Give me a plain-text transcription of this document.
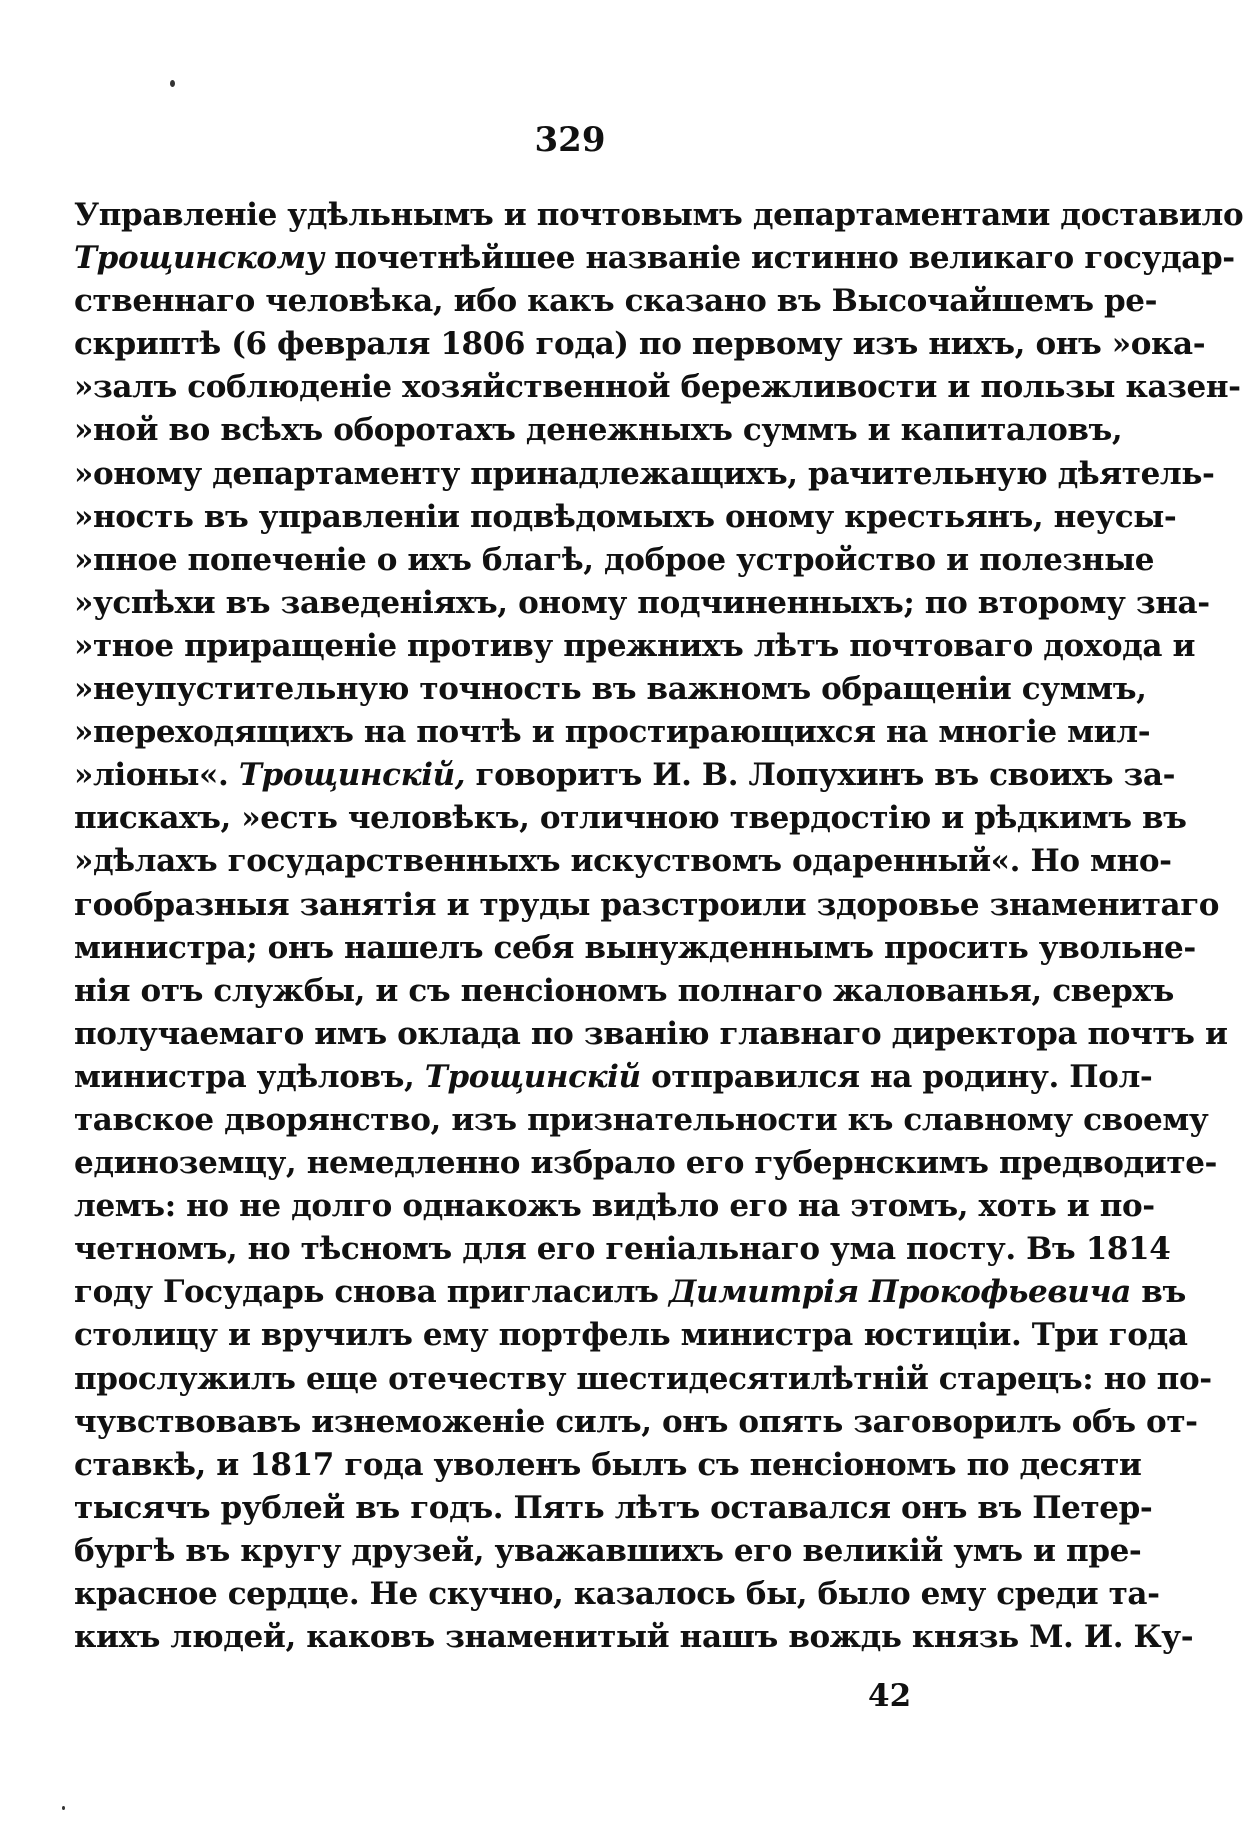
329
Управленіе удѣльнымъ и почтовымъ департаментами доставило
Трощинскому почетнѣйшее названіе истинно великаго государ-
ственнаго человѣка, ибо какъ сказано въ Высочайшемъ ре-
скриптѣ (6 февраля 1806 года) по первому изъ нихъ, онъ »ока-
»залъ соблюденіе хозяйственной бережливости и пользы казен-
»ной во всѣхъ оборотахъ денежныхъ суммъ и капиталовъ,
»оному департаменту принадлежащихъ, рачительную дѣятель-
»ность въ управленіи подвѣдомыхъ оному крестьянъ, неусы-
»пное попеченіе о ихъ благѣ, доброе устройство и полезные
»успѣхи въ заведеніяхъ, оному подчиненныхъ; по второму зна-
»тное приращеніе противу прежнихъ лѣтъ почтоваго дохода и
»неупустительную точность въ важномъ обращеніи суммъ,
»переходящихъ на почтѣ и простирающихся на многіе мил-
»ліоны«. Трощинскій, говоритъ И. В. Лопухинъ въ своихъ за-
пискахъ, »есть человѣкъ, отличною твердостію и рѣдкимъ въ
»дѣлахъ государственныхъ искуствомъ одаренный«. Но мно-
гообразныя занятія и труды разстроили здоровье знаменитаго
министра; онъ нашелъ себя вынужденнымъ просить увольне-
нія отъ службы, и съ пенсіономъ полнаго жалованья, сверхъ
получаемаго имъ оклада по званію главнаго директора почтъ и
министра удѣловъ, Трощинскій отправился на родину. Пол-
тавское дворянство, изъ признательности къ славному своему
единоземцу, немедленно избрало его губернскимъ предводите-
лемъ: но не долго однакожъ видѣло его на этомъ, хоть и по-
четномъ, но тѣсномъ для его геніальнаго ума посту. Въ 1814
году Государь снова пригласилъ Димитрія Прокофьевича въ
столицу и вручилъ ему портфель министра юстиціи. Три года
прослужилъ еще отечеству шестидесятилѣтній старецъ: но по-
чувствовавъ изнеможеніе силъ, онъ опять заговорилъ объ от-
ставкѣ, и 1817 года уволенъ былъ съ пенсіономъ по десяти
тысячъ рублей въ годъ. Пять лѣтъ оставался онъ въ Петер-
бургѣ въ кругу друзей, уважавшихъ его великій умъ и пре-
красное сердце. Не скучно, казалось бы, было ему среди та-
кихъ людей, каковъ знаменитый нашъ вождь князь М. И. Ку-
42
